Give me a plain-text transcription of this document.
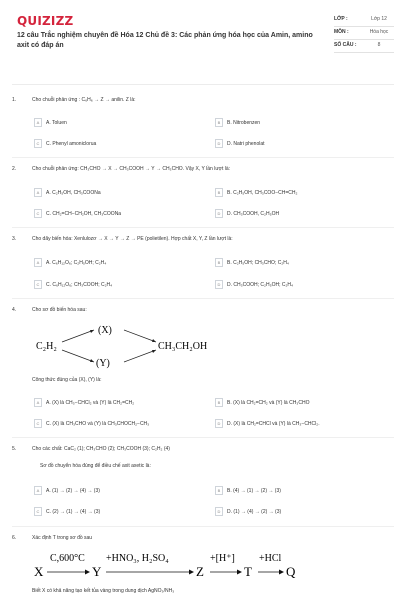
QUIZIZZ
12 câu Trắc nghiệm chuyên đề Hóa 12 Chủ đề 3: Các phản ứng hóa học của Amin, amino axit có đáp án
LỚP :	Lớp 12
MÔN :	Hóa học
SỐ CÂU :	8
1.	Cho chuỗi phản ứng : C₆H₆ → Z → anilin. Z là:
A	A. Toluen	B	B. Nitrobenzen
C	C. Phenyl amoniclorua	D	D. Natri phenolat
2.	Cho chuỗi phản ứng: CH₃CHO → X → CH₃COOH → Y → CH₃CHO. Vậy X, Y lần lượt là:
A	A. C₂H₅OH, CH₃COONa	B	B. C₂H₅OH, CH₃COO−CH=CH₂
C	C. CH₂=CH−CH₂OH, CH₃COONa	D	D. CH₃COOH, C₂H₅OH
3.	Cho dãy biến hóa: Xenlulozơ → X → Y → Z → PE (polietilen). Hợp chất X, Y, Z lần lượt là:
A	A. C₆H₁₂O₆; C₂H₅OH; C₂H₄	B	B. C₂H₅OH; CH₃CHO; C₂H₄
C	C. C₆H₁₂O₆; CH₃COOH; C₂H₄	D	D. CH₃COOH; C₂H₅OH; C₂H₄
4.	Cho sơ đồ biến hóa sau:
C₂H₂
(X)
(Y)
CH₃CH₂OH
Công thức đúng của (X), (Y) là:
A	A. (X) là CH₃−CHCl₂ và (Y) là CH₂=CH₂	B	B. (X) là CH₂=CH₂ và (Y) là CH₃CHO
C	C. (X) là CH₃CHO và (Y) là CH₃CHOCH₂−CH₃	D	D. (X) là CH₂=CHCl và (Y) là CH₃−CHCl₂.
5.	Cho các chất: CaC₂ (1); CH₃CHO (2); CH₃COOH (3); C₂H₂ (4)
Sơ đồ chuyển hóa đúng để điều chế axit axetic là:
A	A. (1) → (2) → (4) → (3)	B	B. (4) → (1) → (2) → (3)
C	C. (2) → (1) → (4) → (3)	D	D. (1) → (4) → (2) → (3)
6.	Xác định T trong sơ đồ sau
X
C,600°C
Y
+HNO₃, H₂SO₄
Z
+[H⁺]
T
+HCl
Q
Biết X có khả năng tạo kết tủa vàng trong dung dịch AgNO₃/NH₃
